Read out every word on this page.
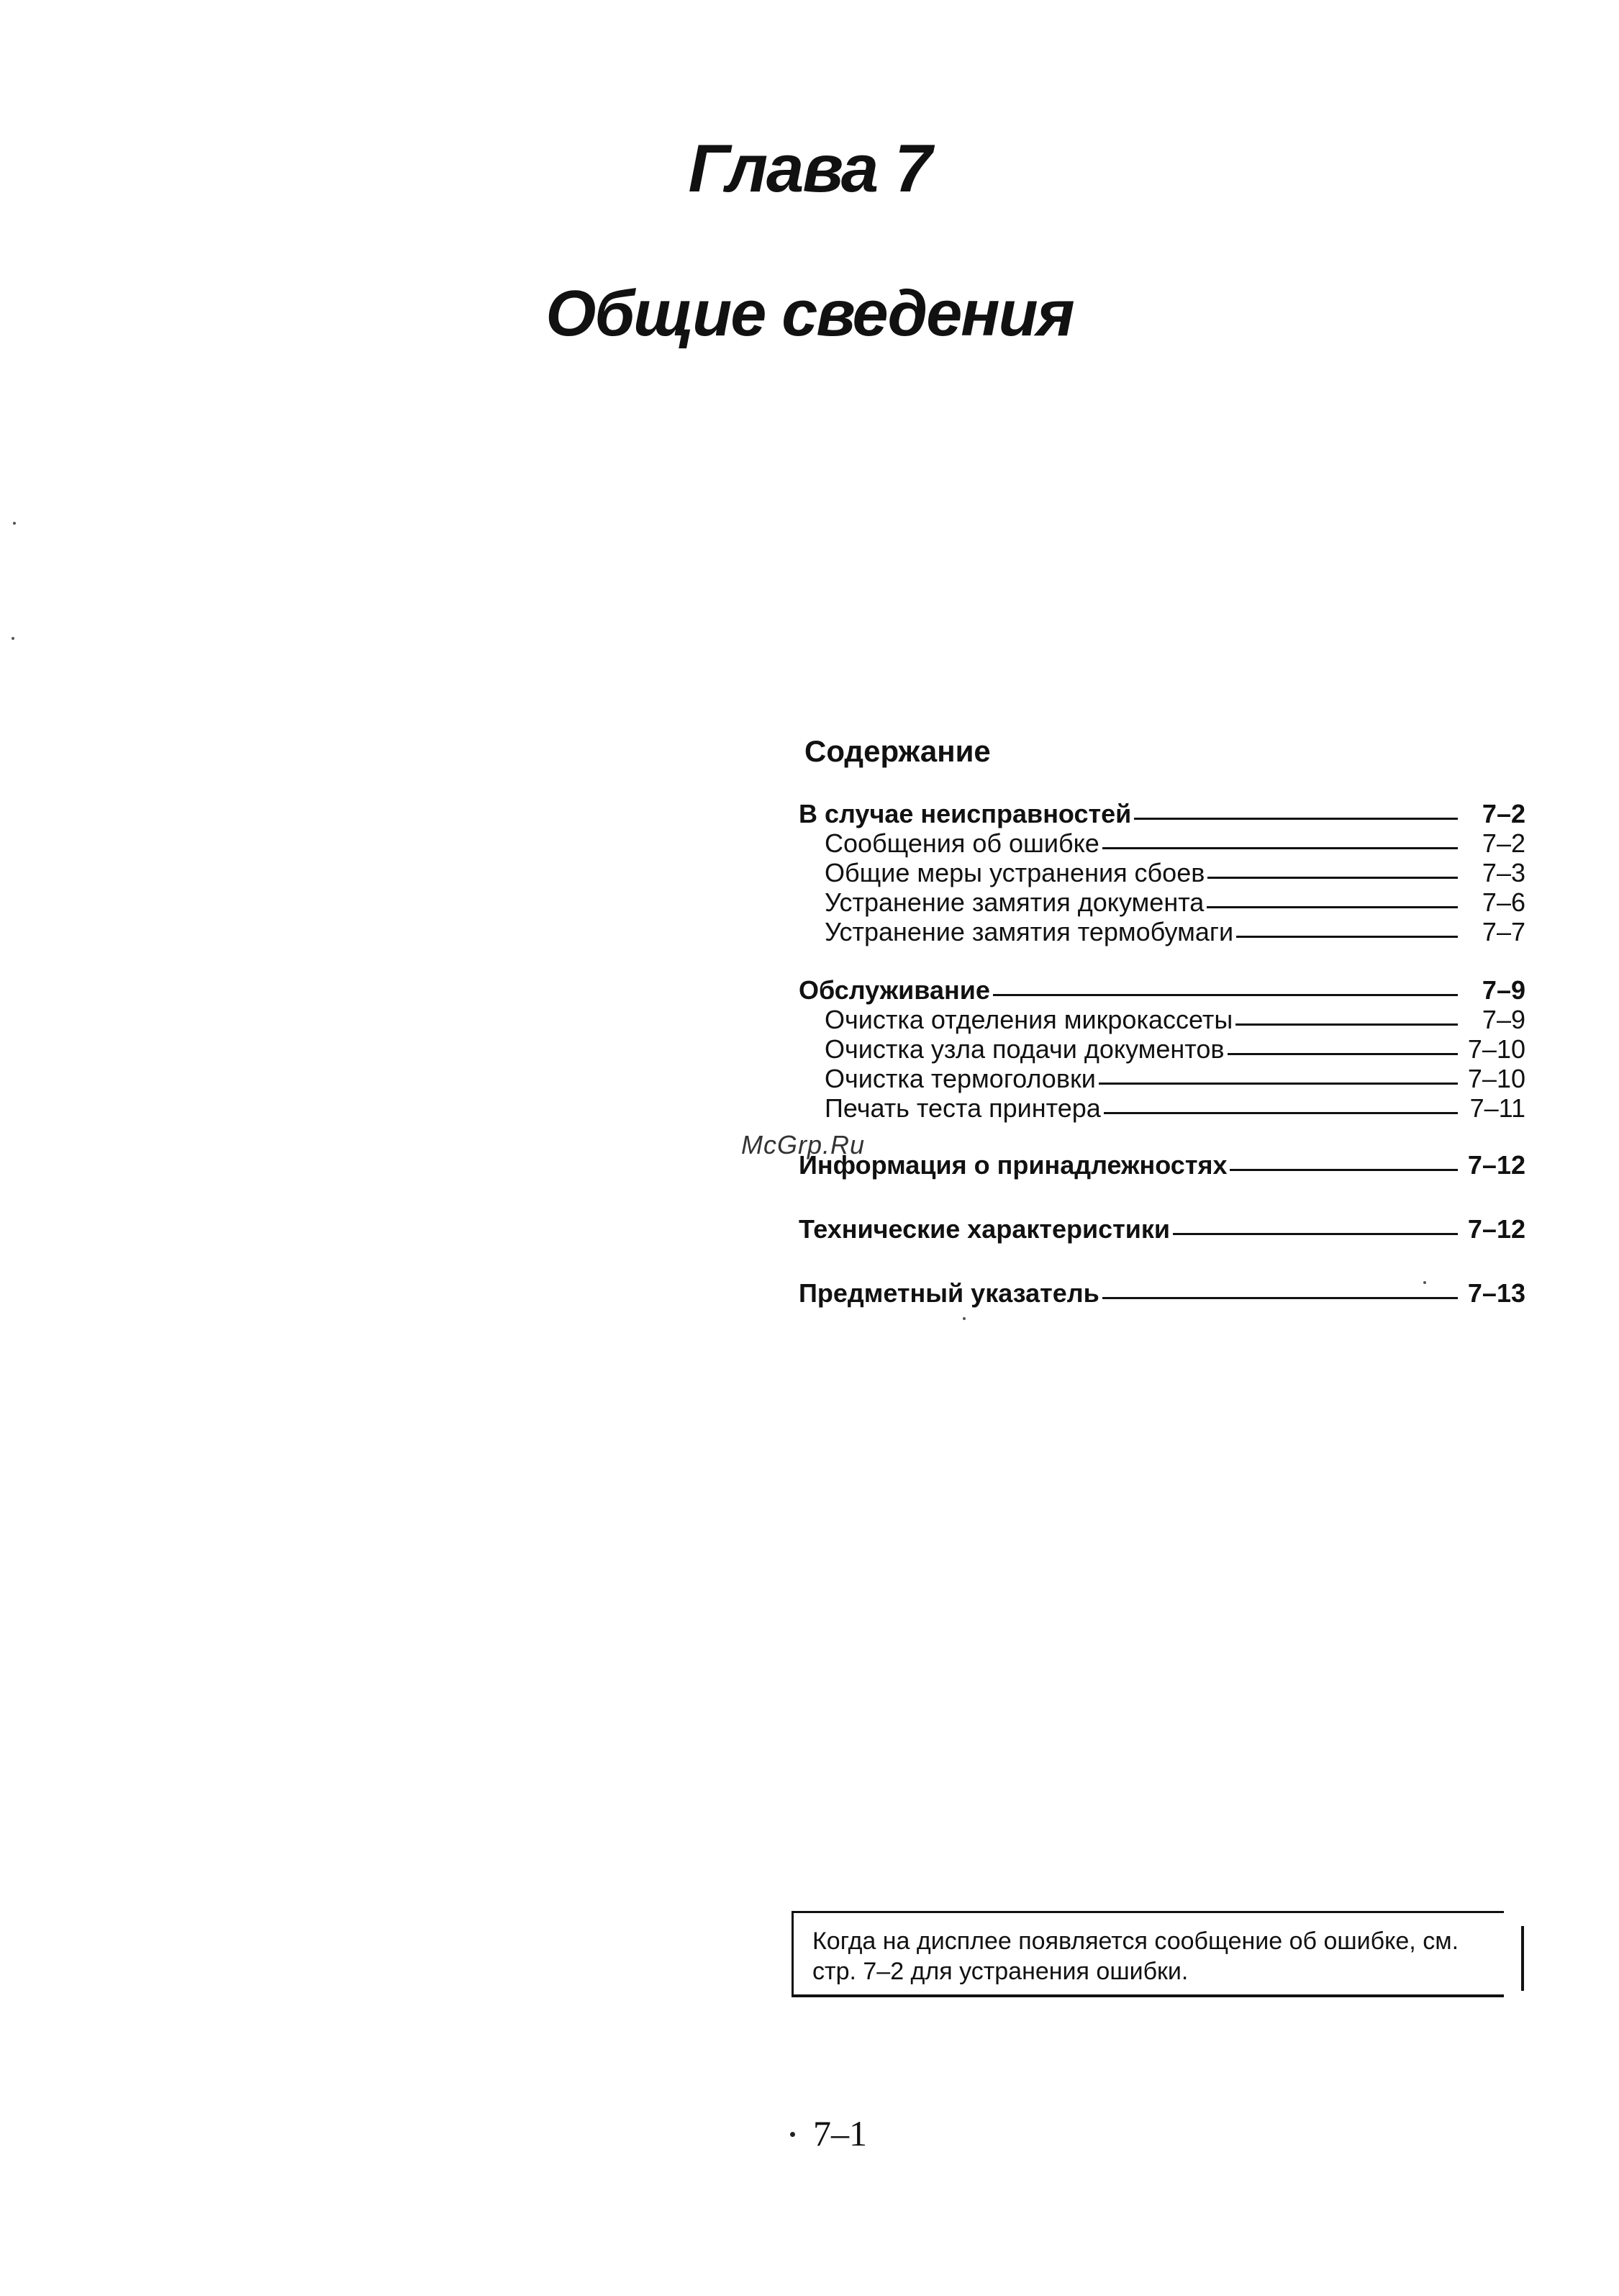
Глава 7
Общие сведения
Содержание
В случае неисправностей	7–2
Сообщения об ошибке	7–2
Общие меры устранения сбоев	7–3
Устранение замятия документа	7–6
Устранение замятия термобумаги	7–7
Обслуживание	7–9
Очистка отделения микрокассеты	7–9
Очистка узла подачи документов	7–10
Очистка термоголовки	7–10
Печать теста принтера	7–11
Информация о принадлежностях	7–12
Технические характеристики	7–12
Предметный указатель	7–13
McGrp.Ru
Когда на дисплее появляется сообщение об ошибке, см. стр. 7–2 для устранения ошибки.
7–1
